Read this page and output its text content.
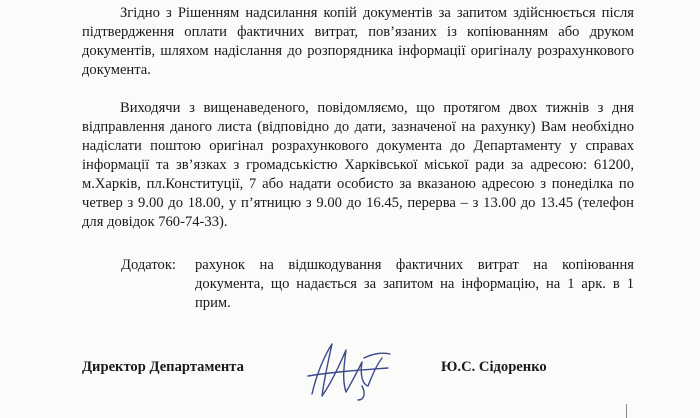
Згідно з Рішенням надсилання копій документів за запитом здійснюється після підтвердження оплати фактичних витрат, пов’язаних із копіюванням або друком документів, шляхом надіслання до розпорядника інформації оригіналу розрахункового документа.

Виходячи з вищенаведеного, повідомляємо, що протягом двох тижнів з дня відправлення даного листа (відповідно до дати, зазначеної на рахунку) Вам необхідно надіслати поштою оригінал розрахункового документа до Департаменту у справах інформації та зв’язках з громадськістю Харківської міської ради за адресою: 61200, м.Харків, пл.Конституції, 7 або надати особисто за вказаною адресою з понеділка по четвер з 9.00 до 18.00, у п’ятницю з 9.00 до 16.45, перерва – з 13.00 до 13.45 (телефон для довідок 760-74-33).

Додаток: рахунок на відшкодування фактичних витрат на копіювання документа, що надається за запитом на інформацію, на 1 арк. в 1 прим.

Директор Департамента	Ю.С. Сідоренко
